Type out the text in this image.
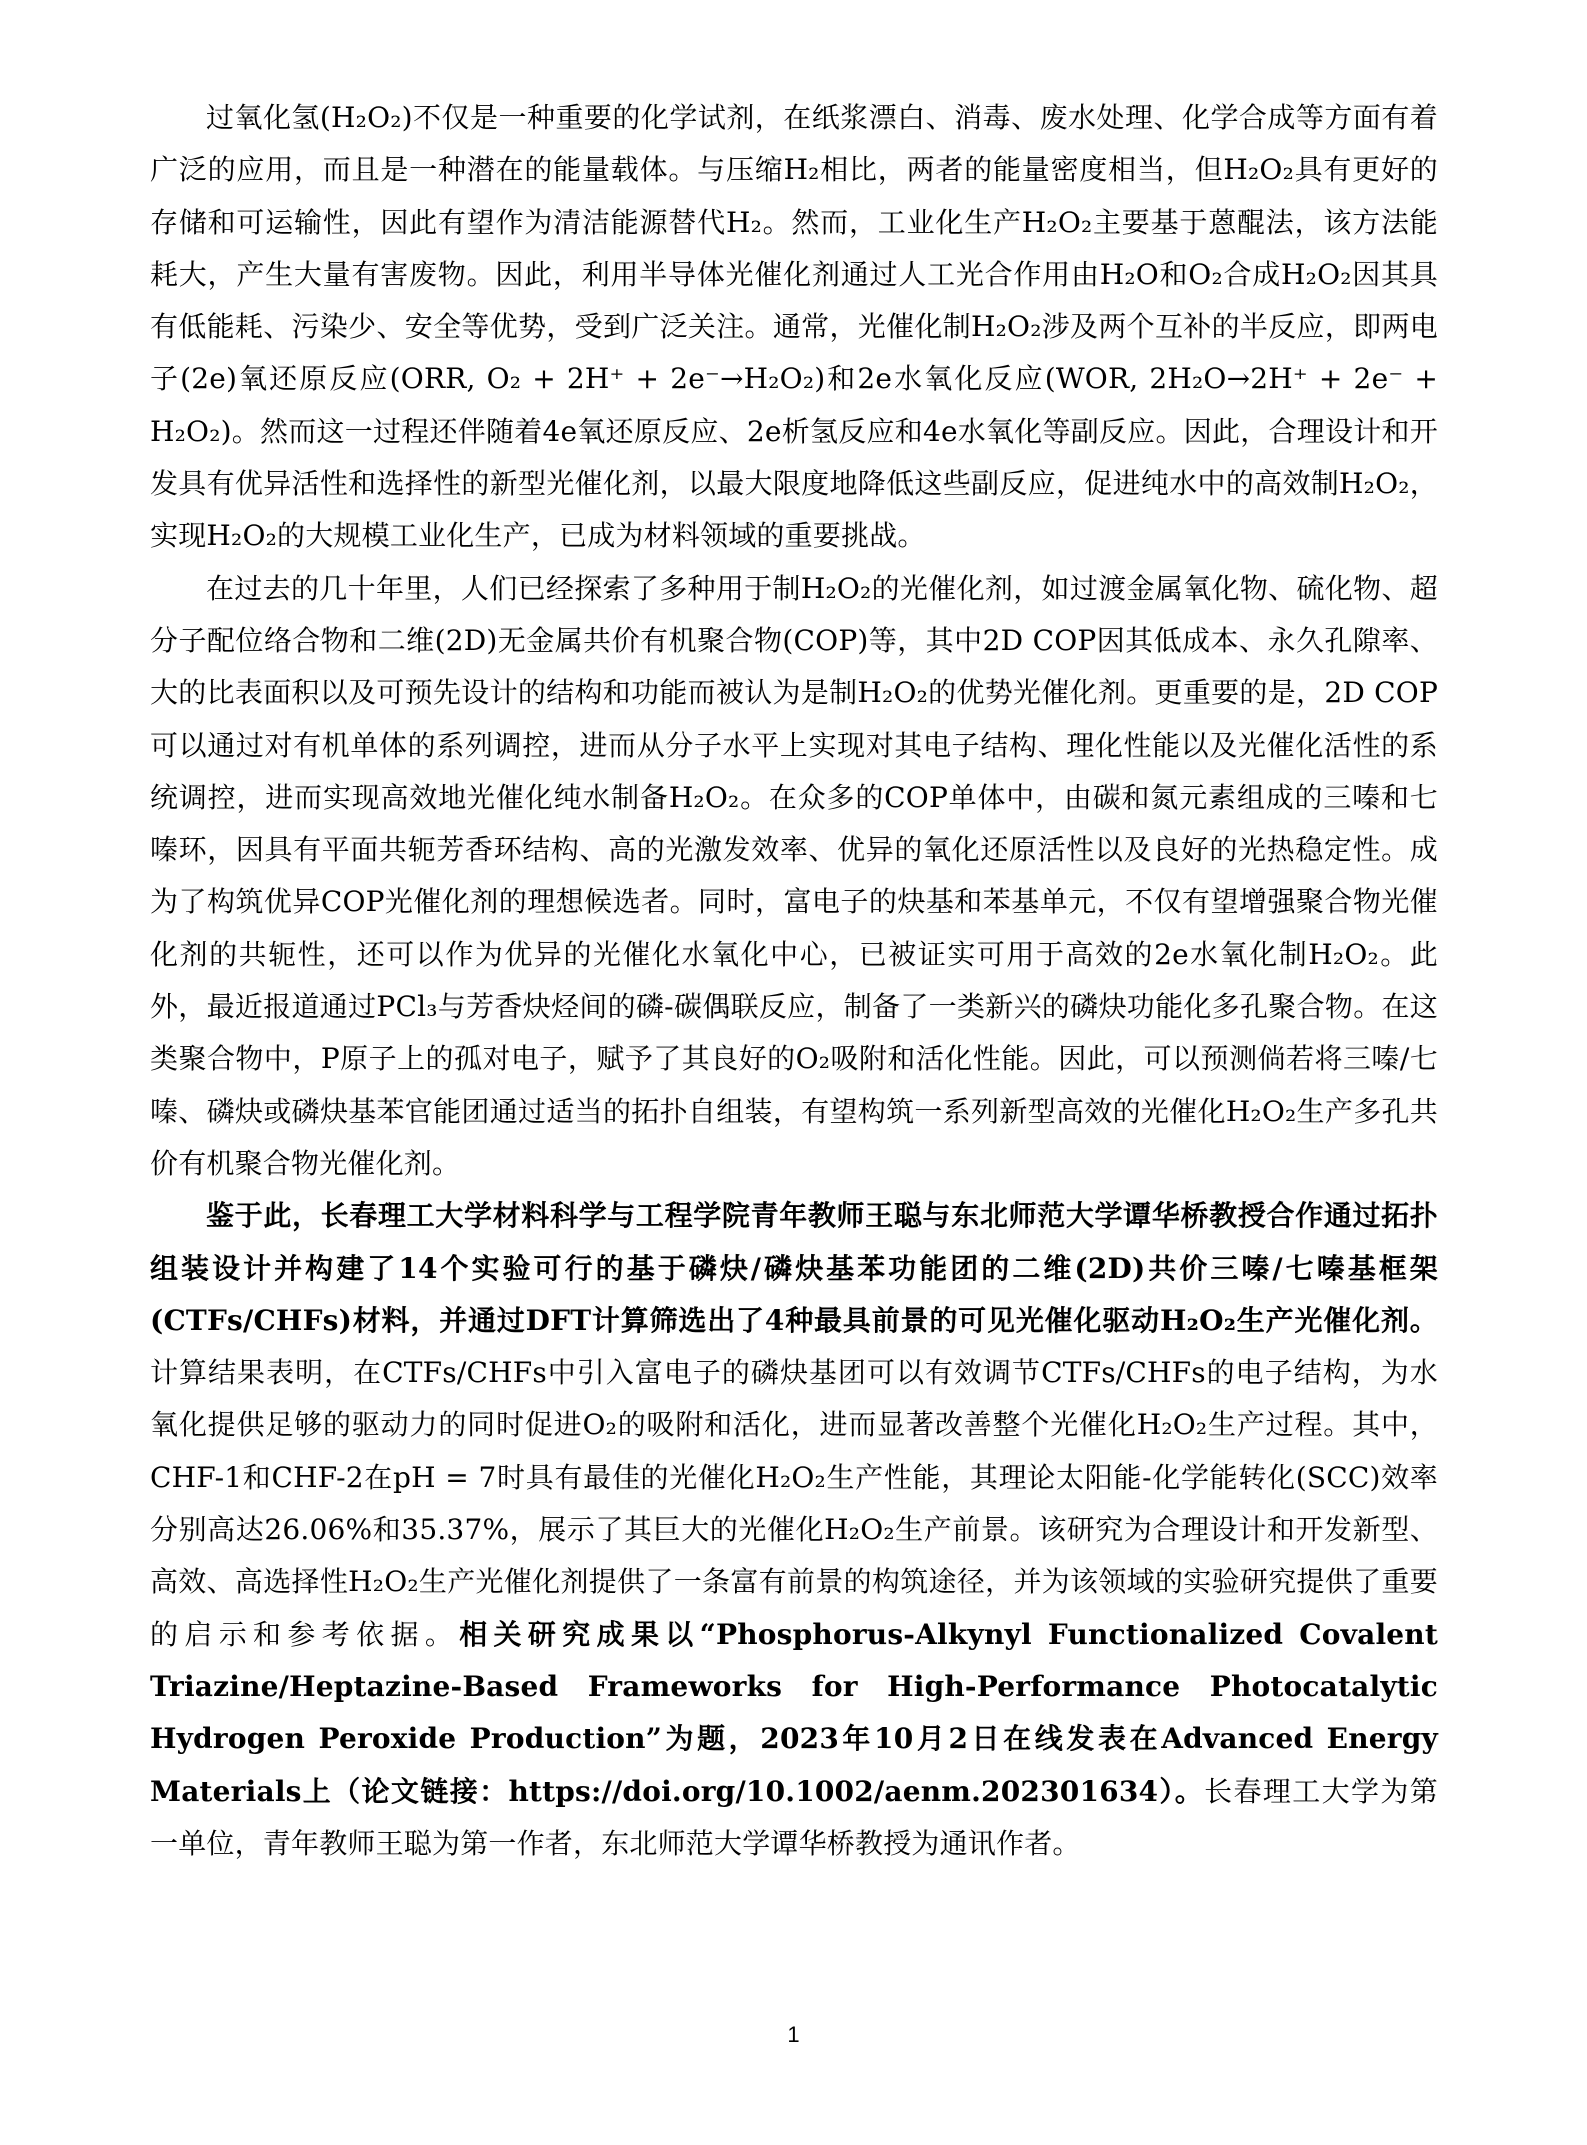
过氧化氢(H₂O₂)不仅是一种重要的化学试剂，在纸浆漂白、消毒、废水处理、化学合成等方面有着广泛的应用，而且是一种潜在的能量载体。与压缩H₂相比，两者的能量密度相当，但H₂O₂具有更好的存储和可运输性，因此有望作为清洁能源替代H₂。然而，工业化生产H₂O₂主要基于蒽醌法，该方法能耗大，产生大量有害废物。因此，利用半导体光催化剂通过人工光合作用由H₂O和O₂合成H₂O₂因其具有低能耗、污染少、安全等优势，受到广泛关注。通常，光催化制H₂O₂涉及两个互补的半反应，即两电子(2e)氧还原反应(ORR, O₂ + 2H⁺ + 2e⁻→H₂O₂)和2e水氧化反应(WOR, 2H₂O→2H⁺ + 2e⁻ + H₂O₂)。然而这一过程还伴随着4e氧还原反应、2e析氢反应和4e水氧化等副反应。因此，合理设计和开发具有优异活性和选择性的新型光催化剂，以最大限度地降低这些副反应，促进纯水中的高效制H₂O₂，实现H₂O₂的大规模工业化生产，已成为材料领域的重要挑战。

在过去的几十年里，人们已经探索了多种用于制H₂O₂的光催化剂，如过渡金属氧化物、硫化物、超分子配位络合物和二维(2D)无金属共价有机聚合物(COP)等，其中2D COP因其低成本、永久孔隙率、大的比表面积以及可预先设计的结构和功能而被认为是制H₂O₂的优势光催化剂。更重要的是，2D COP可以通过对有机单体的系列调控，进而从分子水平上实现对其电子结构、理化性能以及光催化活性的系统调控，进而实现高效地光催化纯水制备H₂O₂。在众多的COP单体中，由碳和氮元素组成的三嗪和七嗪环，因具有平面共轭芳香环结构、高的光激发效率、优异的氧化还原活性以及良好的光热稳定性。成为了构筑优异COP光催化剂的理想候选者。同时，富电子的炔基和苯基单元，不仅有望增强聚合物光催化剂的共轭性，还可以作为优异的光催化水氧化中心，已被证实可用于高效的2e水氧化制H₂O₂。此外，最近报道通过PCl₃与芳香炔烃间的磷-碳偶联反应，制备了一类新兴的磷炔功能化多孔聚合物。在这类聚合物中，P原子上的孤对电子，赋予了其良好的O₂吸附和活化性能。因此，可以预测倘若将三嗪/七嗪、磷炔或磷炔基苯官能团通过适当的拓扑自组装，有望构筑一系列新型高效的光催化H₂O₂生产多孔共价有机聚合物光催化剂。

鉴于此，长春理工大学材料科学与工程学院青年教师王聪与东北师范大学谭华桥教授合作通过拓扑组装设计并构建了14个实验可行的基于磷炔/磷炔基苯功能团的二维(2D)共价三嗪/七嗪基框架(CTFs/CHFs)材料，并通过DFT计算筛选出了4种最具前景的可见光催化驱动H₂O₂生产光催化剂。计算结果表明，在CTFs/CHFs中引入富电子的磷炔基团可以有效调节CTFs/CHFs的电子结构，为水氧化提供足够的驱动力的同时促进O₂的吸附和活化，进而显著改善整个光催化H₂O₂生产过程。其中，CHF-1和CHF-2在pH = 7时具有最佳的光催化H₂O₂生产性能，其理论太阳能-化学能转化(SCC)效率分别高达26.06%和35.37%，展示了其巨大的光催化H₂O₂生产前景。该研究为合理设计和开发新型、高效、高选择性H₂O₂生产光催化剂提供了一条富有前景的构筑途径，并为该领域的实验研究提供了重要的启示和参考依据。相关研究成果以“Phosphorus-Alkynyl Functionalized Covalent Triazine/Heptazine-Based Frameworks for High-Performance Photocatalytic Hydrogen Peroxide Production”为题，2023年10月2日在线发表在Advanced Energy Materials上（论文链接：https://doi.org/10.1002/aenm.202301634）。长春理工大学为第一单位，青年教师王聪为第一作者，东北师范大学谭华桥教授为通讯作者。

1
